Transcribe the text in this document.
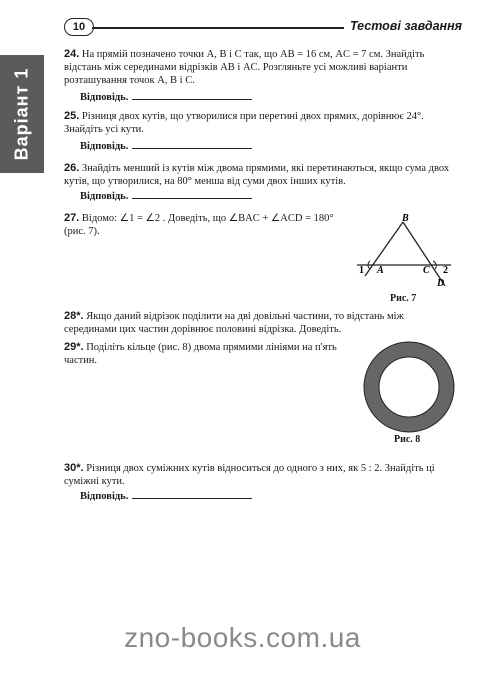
Варіант 1
10	Тестові завдання
24. На прямій позначено точки A, B і C так, що AB = 16 см, AC = 7 см. Знайдіть відстань між серединами відрізків AB і AC. Розгляньте усі можливі варіанти розташування точок A, B і C.
Відповідь.
25. Різниця двох кутів, що утворилися при перетині двох прямих, дорівнює 24°. Знайдіть усі кути.
Відповідь.
26. Знайдіть менший із кутів між двома прямими, які перетинаються, якщо сума двох кутів, що утворилися, на 80° менша від суми двох інших кутів.
Відповідь.
27. Відомо: ∠1 = ∠2 . Доведіть, що ∠BAC + ∠ACD = 180° (рис. 7).
B
A	C
D
1	2
Рис. 7
28*. Якщо даний відрізок поділити на дві довільні частини, то відстань між серединами цих частин дорівнює половині відрізка. Доведіть.
29*. Поділіть кільце (рис. 8) двома прямими лініями на п'ять частин.
Рис. 8
30*. Різниця двох суміжних кутів відноситься до одного з них, як 5 : 2. Знайдіть ці суміжні кути.
Відповідь.
zno-books.com.ua
